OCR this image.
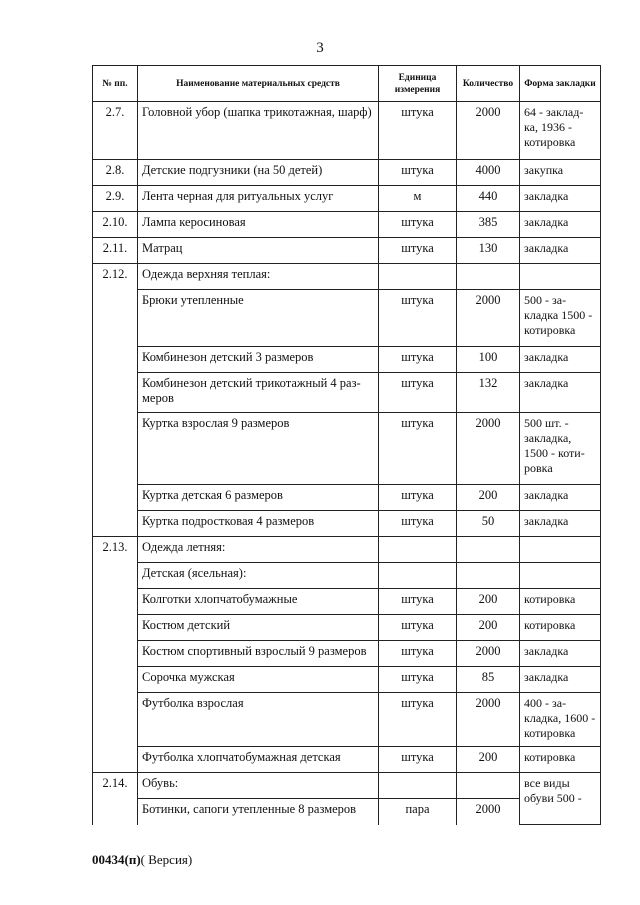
3
№ пп.	Наименование материальных средств	Единица измерения	Количество	Форма закладки
2.7.	Головной убор (шапка трикотажная, шарф)	штука	2000	64 - заклад-ка, 1936 - котировка
2.8.	Детские подгузники (на 50 детей)	штука	4000	закупка
2.9.	Лента черная для ритуальных услуг	м	440	закладка
2.10.	Лампа керосиновая	штука	385	закладка
2.11.	Матрац	штука	130	закладка
2.12.	Одежда верхняя теплая:			
	Брюки утепленные	штука	2000	500 - за-кладка 1500 - котировка
	Комбинезон детский 3 размеров	штука	100	закладка
	Комбинезон детский трикотажный 4 раз-меров	штука	132	закладка
	Куртка взрослая 9 размеров	штука	2000	500 шт. - закладка, 1500 - коти-ровка
	Куртка детская 6 размеров	штука	200	закладка
	Куртка подростковая 4 размеров	штука	50	закладка
2.13.	Одежда летняя:			
	Детская (ясельная):			
	Колготки хлопчатобумажные	штука	200	котировка
	Костюм детский	штука	200	котировка
	Костюм спортивный взрослый 9 размеров	штука	2000	закладка
	Сорочка мужская	штука	85	закладка
	Футболка взрослая	штука	2000	400 - за-кладка, 1600 - котировка
	Футболка хлопчатобумажная детская	штука	200	котировка
2.14.	Обувь:			все виды обуви 500 -
	Ботинки, сапоги утепленные 8 размеров	пара	2000	
00434(п)( Версия)
